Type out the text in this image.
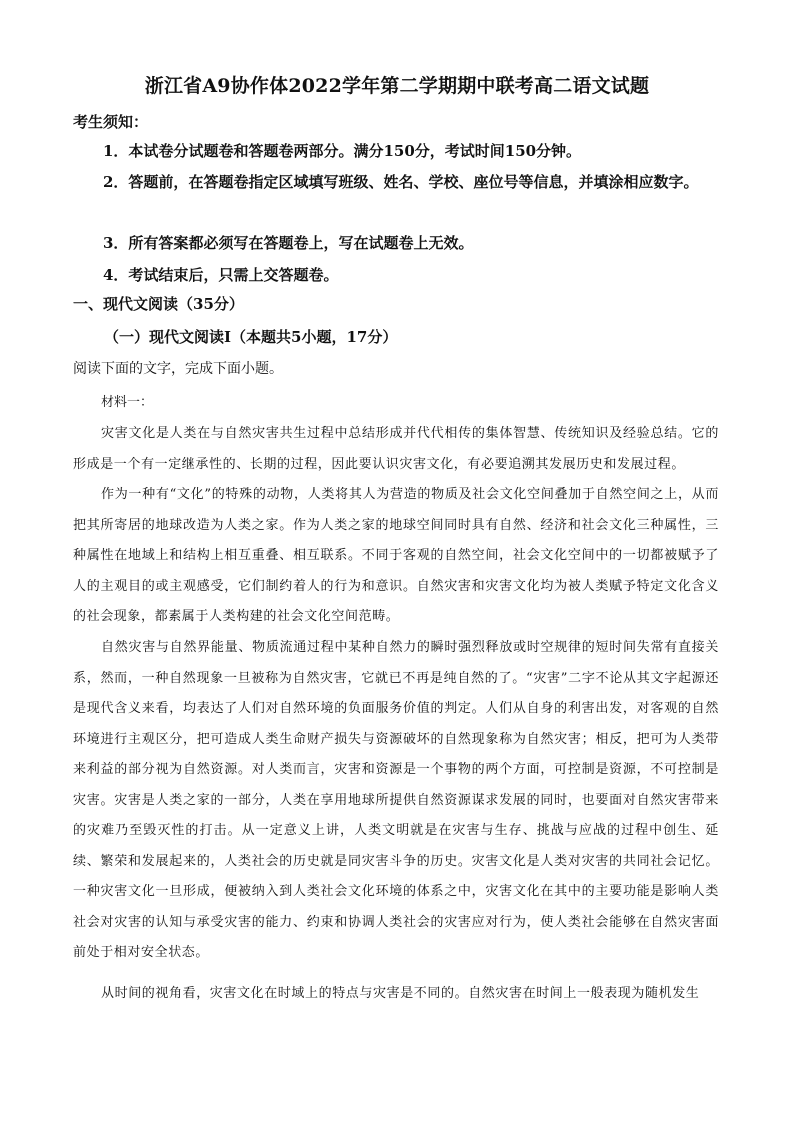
浙江省A9协作体2022学年第二学期期中联考高二语文试题
考生须知：
1．本试卷分试题卷和答题卷两部分。满分150分，考试时间150分钟。
2．答题前，在答题卷指定区域填写班级、姓名、学校、座位号等信息，并填涂相应数字。
3．所有答案都必须写在答题卷上，写在试题卷上无效。
4．考试结束后，只需上交答题卷。
一、现代文阅读（35分）
（一）现代文阅读Ⅰ（本题共5小题，17分）
阅读下面的文字，完成下面小题。
材料一：
灾害文化是人类在与自然灾害共生过程中总结形成并代代相传的集体智慧、传统知识及经验总结。它的形成是一个有一定继承性的、长期的过程，因此要认识灾害文化，有必要追溯其发展历史和发展过程。
作为一种有“文化”的特殊的动物，人类将其人为营造的物质及社会文化空间叠加于自然空间之上，从而把其所寄居的地球改造为人类之家。作为人类之家的地球空间同时具有自然、经济和社会文化三种属性，三种属性在地域上和结构上相互重叠、相互联系。不同于客观的自然空间，社会文化空间中的一切都被赋予了人的主观目的或主观感受，它们制约着人的行为和意识。自然灾害和灾害文化均为被人类赋予特定文化含义的社会现象，都素属于人类构建的社会文化空间范畴。
自然灾害与自然界能量、物质流通过程中某种自然力的瞬时强烈释放或时空规律的短时间失常有直接关系，然而，一种自然现象一旦被称为自然灾害，它就已不再是纯自然的了。“灾害”二字不论从其文字起源还是现代含义来看，均表达了人们对自然环境的负面服务价值的判定。人们从自身的利害出发，对客观的自然环境进行主观区分，把可造成人类生命财产损失与资源破坏的自然现象称为自然灾害；相反，把可为人类带来利益的部分视为自然资源。对人类而言，灾害和资源是一个事物的两个方面，可控制是资源，不可控制是灾害。灾害是人类之家的一部分，人类在享用地球所提供自然资源谋求发展的同时，也要面对自然灾害带来的灾难乃至毁灭性的打击。从一定意义上讲，人类文明就是在灾害与生存、挑战与应战的过程中创生、延续、繁荣和发展起来的，人类社会的历史就是同灾害斗争的历史。灾害文化是人类对灾害的共同社会记忆。一种灾害文化一旦形成，便被纳入到人类社会文化环境的体系之中，灾害文化在其中的主要功能是影响人类社会对灾害的认知与承受灾害的能力、约束和协调人类社会的灾害应对行为，使人类社会能够在自然灾害面前处于相对安全状态。
从时间的视角看，灾害文化在时域上的特点与灾害是不同的。自然灾害在时间上一般表现为随机发生
